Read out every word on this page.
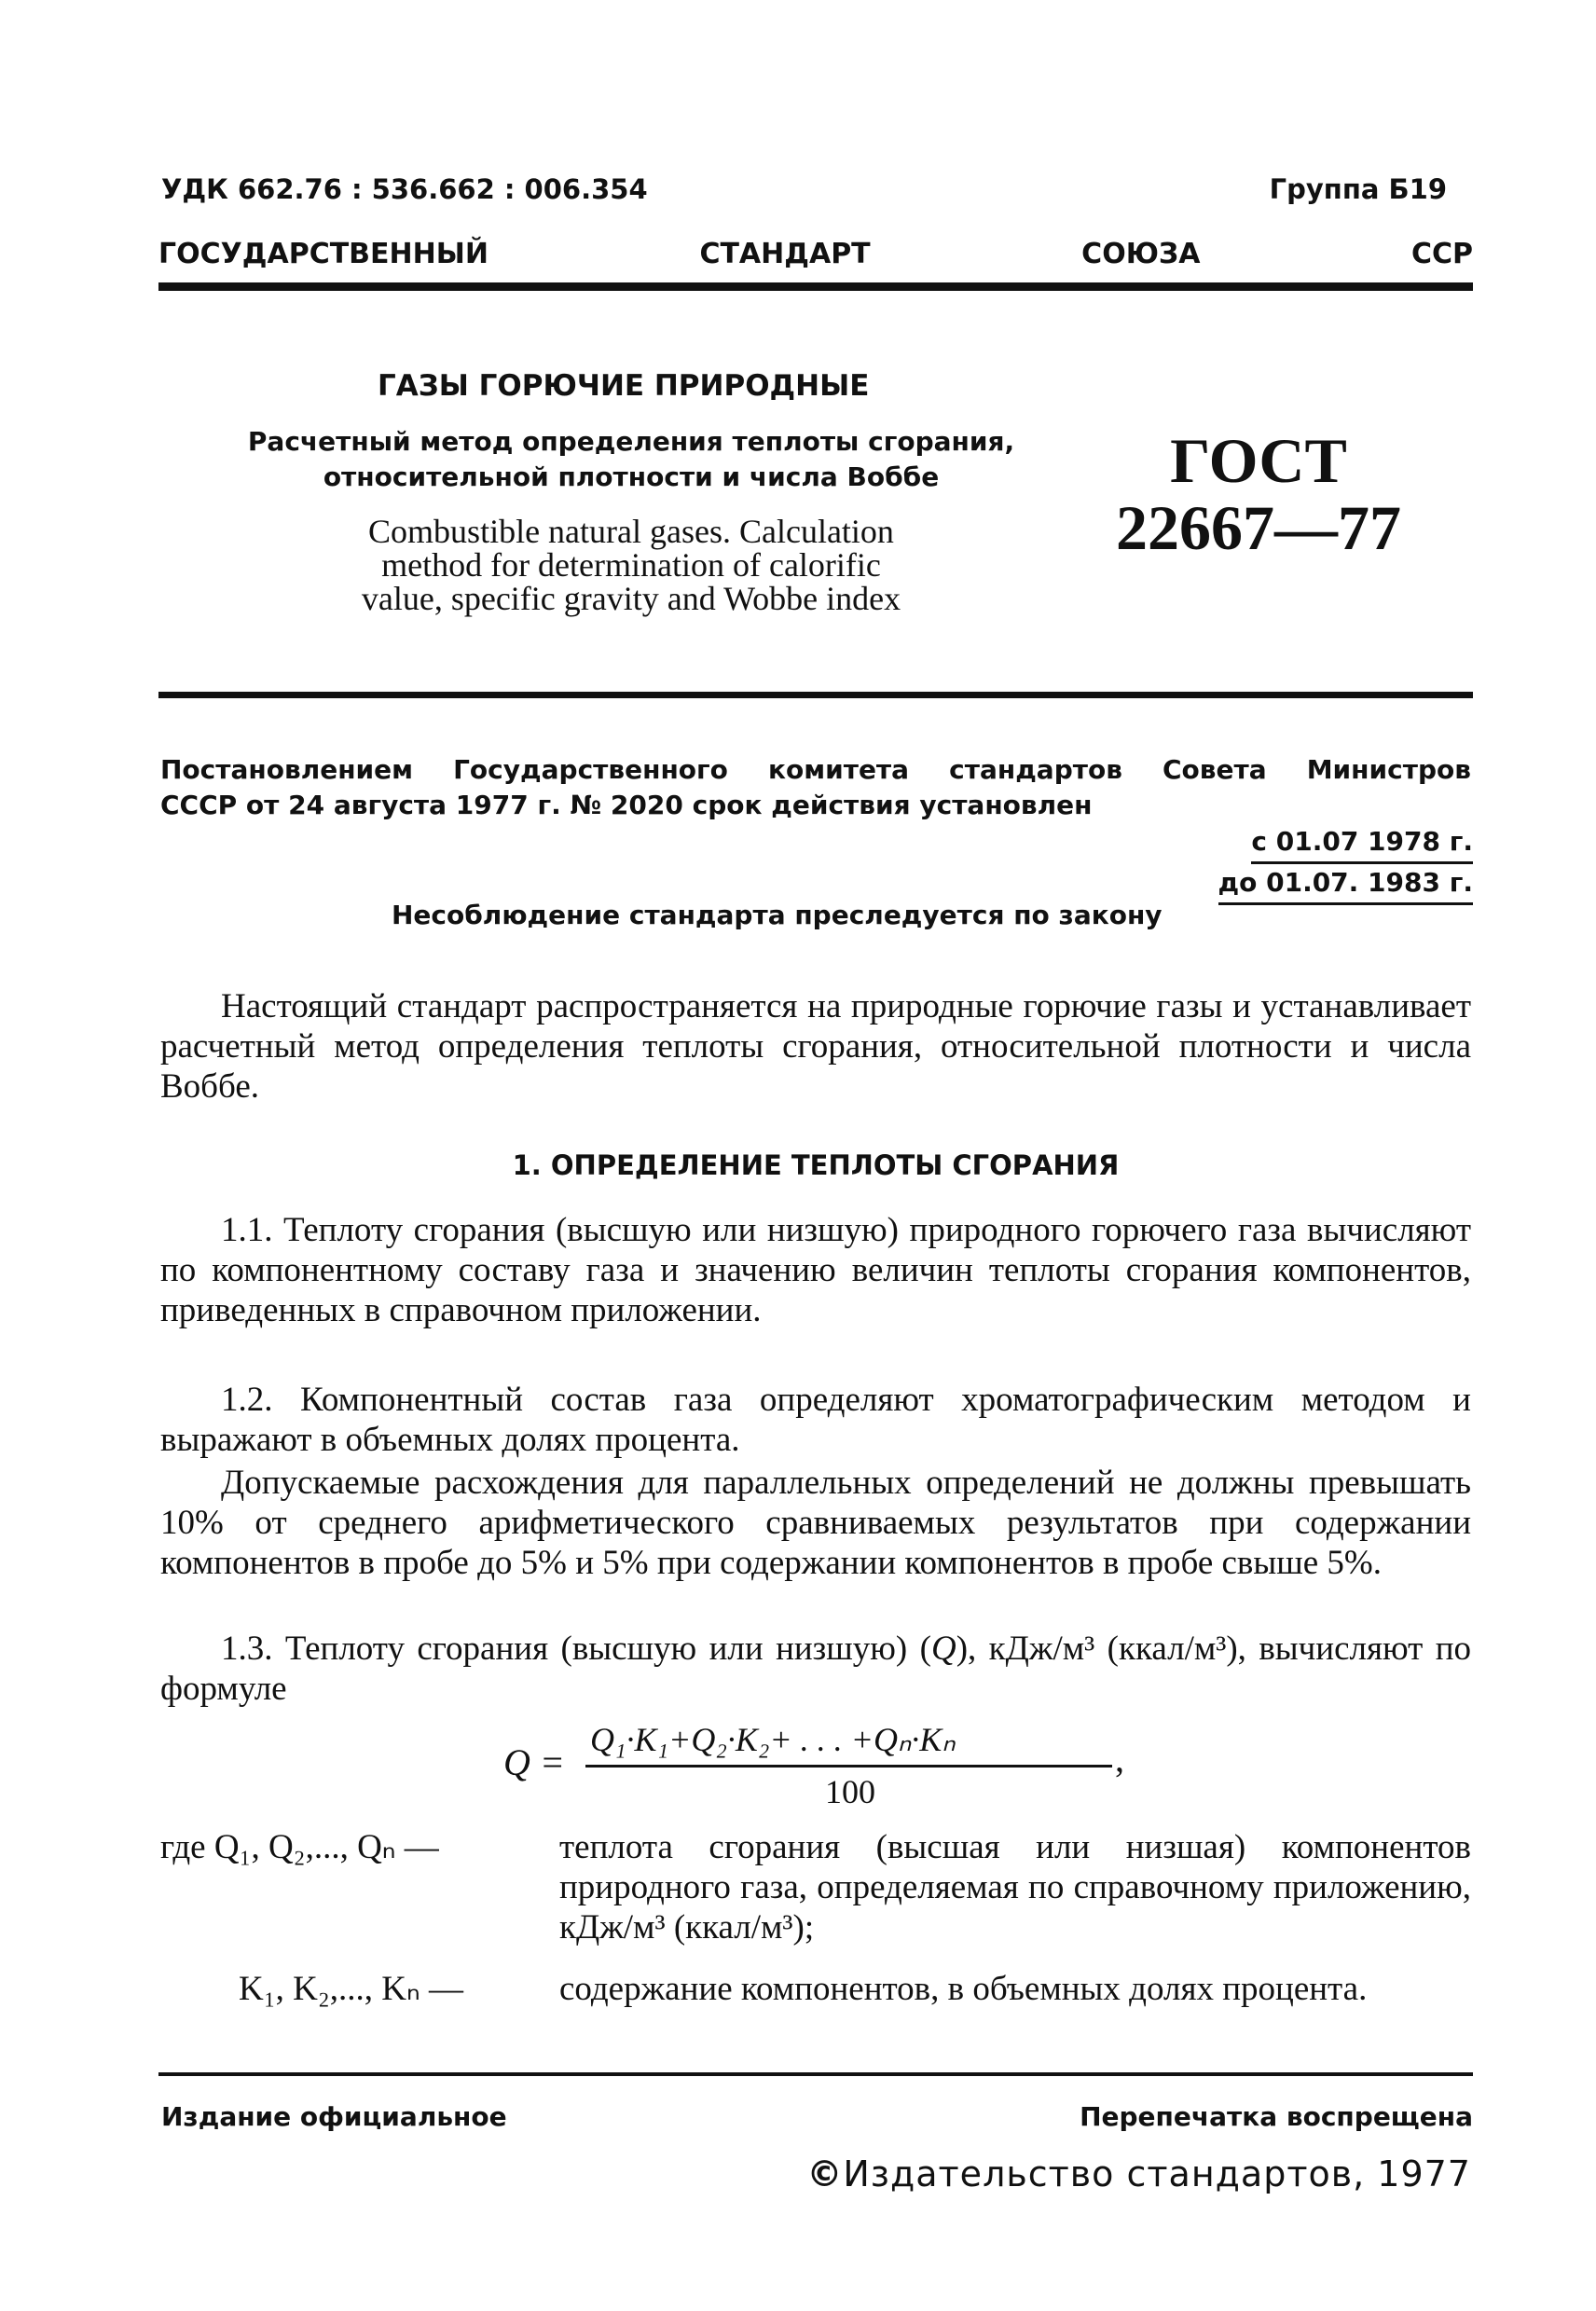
УДК 662.76 : 536.662 : 006.354	Группа Б19
ГОСУДАРСТВЕННЫЙ	СТАНДАРТ	СОЮЗА	ССР
ГАЗЫ ГОРЮЧИЕ ПРИРОДНЫЕ
Расчетный метод определения теплоты сгорания,
относительной плотности и числа Воббе
Combustible natural gases. Calculation
method for determination of calorific
value, specific gravity and Wobbe index
ГОСТ
22667—77
Постановлением Государственного комитета стандартов Совета Министров
СССР от 24 августа 1977 г. № 2020 срок действия установлен
с 01.07 1978 г.
до 01.07. 1983 г.
Несоблюдение стандарта преследуется по закону

Настоящий стандарт распространяется на природные горючие газы и устанавливает расчетный метод определения теплоты сгорания, относительной плотности и числа Воббе.

1. ОПРЕДЕЛЕНИЕ ТЕПЛОТЫ СГОРАНИЯ

1.1. Теплоту сгорания (высшую или низшую) природного горючего газа вычисляют по компонентному составу газа и значению величин теплоты сгорания компонентов, приведенных в справочном приложении.

1.2. Компонентный состав газа определяют хроматографическим методом и выражают в объемных долях процента.

Допускаемые расхождения для параллельных определений не должны превышать 10% от среднего арифметического сравниваемых результатов при содержании компонентов в пробе до 5% и 5% при содержании компонентов в пробе свыше 5%.

1.3. Теплоту сгорания (высшую или низшую) (Q), кДж/м³ (ккал/м³), вычисляют по формуле

Q =
Q₁·K₁+Q₂·K₂+ . . . +Qₙ·Kₙ
100
,
где Q₁, Q₂,..., Qₙ —	теплота сгорания (высшая или низшая) компонентов природного газа, определяемая по справочному приложению, кДж/м³ (ккал/м³);
K₁, K₂,..., Kₙ —	содержание компонентов, в объемных долях процента.
Издание официальное	Перепечатка воспрещена
©Издательство стандартов, 1977
